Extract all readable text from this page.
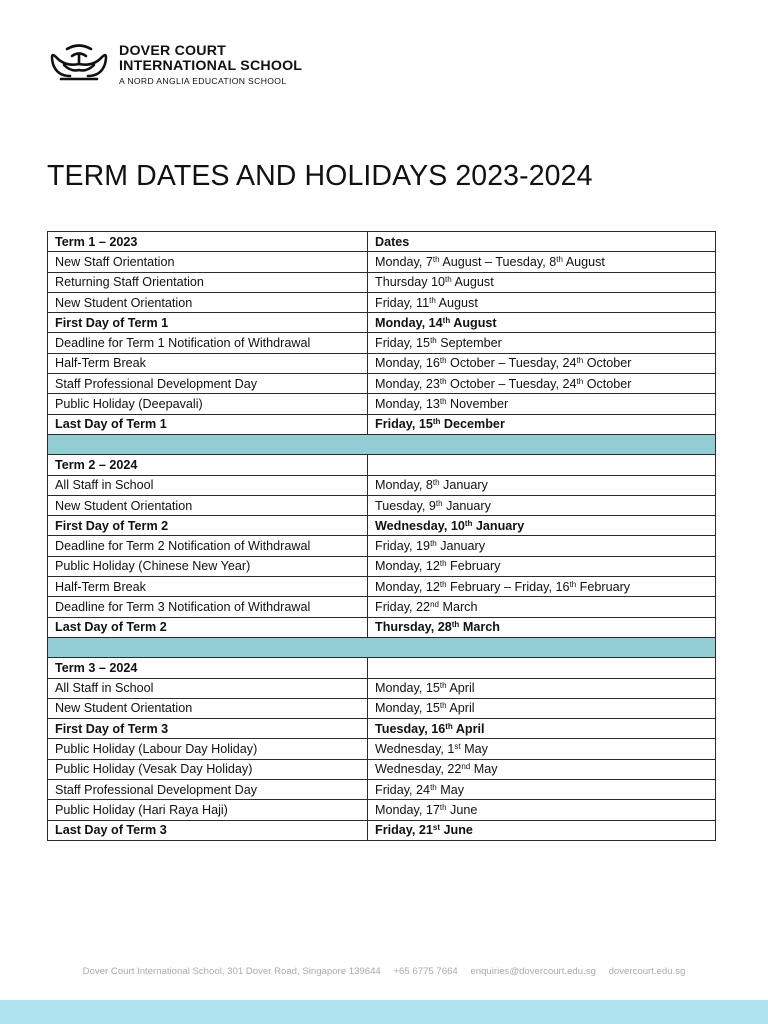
DOVER COURT
INTERNATIONAL SCHOOL
A NORD ANGLIA EDUCATION SCHOOL
TERM DATES AND HOLIDAYS 2023-2024
Term 1 – 2023	Dates
New Staff Orientation	Monday, 7th August – Tuesday, 8th August
Returning Staff Orientation	Thursday 10th August
New Student Orientation	Friday, 11th August
First Day of Term 1	Monday, 14th August
Deadline for Term 1 Notification of Withdrawal	Friday, 15th September
Half-Term Break	Monday, 16th October – Tuesday, 24th October
Staff Professional Development Day	Monday, 23th October – Tuesday, 24th October
Public Holiday (Deepavali)	Monday, 13th November
Last Day of Term 1	Friday, 15th December

Term 2 – 2024	
All Staff in School	Monday, 8th January
New Student Orientation	Tuesday, 9th January
First Day of Term 2	Wednesday, 10th January
Deadline for Term 2 Notification of Withdrawal	Friday, 19th January
Public Holiday (Chinese New Year)	Monday, 12th February
Half-Term Break	Monday, 12th February – Friday, 16th February
Deadline for Term 3 Notification of Withdrawal	Friday, 22nd March
Last Day of Term 2	Thursday, 28th March

Term 3 – 2024	
All Staff in School	Monday, 15th April
New Student Orientation	Monday, 15th April
First Day of Term 3	Tuesday, 16th April
Public Holiday (Labour Day Holiday)	Wednesday, 1st May
Public Holiday (Vesak Day Holiday)	Wednesday, 22nd May
Staff Professional Development Day	Friday, 24th May
Public Holiday (Hari Raya Haji)	Monday, 17th June
Last Day of Term 3	Friday, 21st June
Dover Court International School, 301 Dover Road, Singapore 139644 +65 6775 7664 enquiries@dovercourt.edu.sg dovercourt.edu.sg
